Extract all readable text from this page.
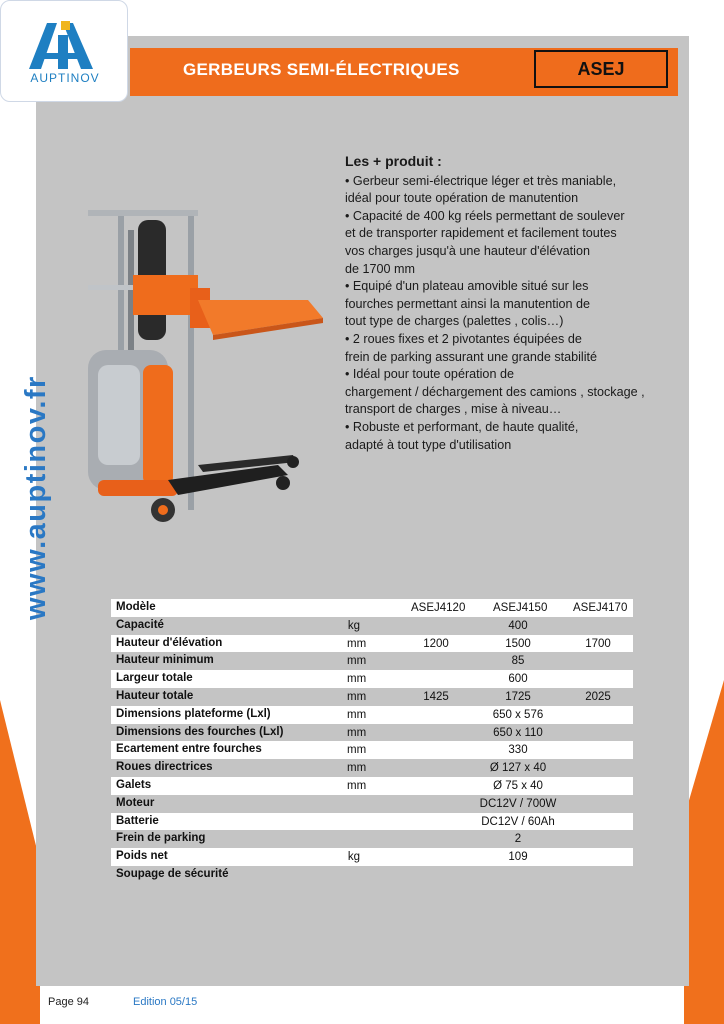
GERBEURS SEMI-ÉLECTRIQUES	ASEJ
AUPTINOV
www.auptinov.fr
Les + produit :
• Gerbeur semi-électrique léger et très maniable,
idéal pour toute opération de manutention
• Capacité de 400 kg réels permettant de soulever
et de transporter rapidement et facilement toutes
vos charges jusqu'à une hauteur d'élévation
de 1700 mm
• Equipé d'un plateau amovible situé sur les
fourches permettant ainsi la manutention de
tout type de charges (palettes , colis…)
• 2 roues fixes et 2 pivotantes équipées de
frein de parking assurant une grande stabilité
• Idéal pour toute opération de
chargement / déchargement des camions , stockage ,
transport de charges , mise à niveau…
• Robuste et performant, de haute qualité,
adapté à tout type d'utilisation
Modèle	ASEJ4120 ASEJ4150 ASEJ4170
Capacité	kg	400
Hauteur d'élévation	mm	1200	1500	1700
Hauteur minimum	mm	85
Largeur totale	mm	600
Hauteur totale	mm	1425	1725	2025
Dimensions plateforme (Lxl)	mm	650 x 576
Dimensions des fourches (Lxl)	mm	650 x 110
Ecartement entre fourches	mm	330
Roues directrices	mm	Ø 127 x 40
Galets	mm	Ø 75 x 40
Moteur	DC12V / 700W
Batterie	DC12V / 60Ah
Frein de parking	2
Poids net	kg	109
Soupage de sécurité
Page 94	Edition 05/15
